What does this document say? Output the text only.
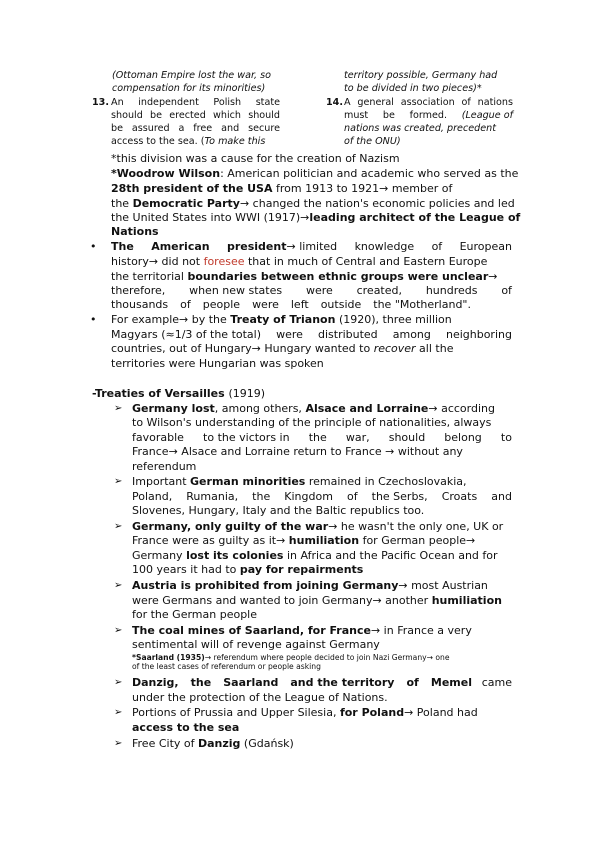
(Ottoman Empire lost the war, so
compensation for its minorities)
13. An independent Polish state
should be erected which should
be assured a free and secure
access to the sea. (To make this
territory possible, Germany had
to be divided in two pieces)*
14. A general association of nations
must be formed. (League of
nations was created, precedent
of the ONU)
*this division was a cause for the creation of Nazism
*Woodrow Wilson: American politician and academic who served as the
28th president of the USA from 1913 to 1921→ member of
the Democratic Party→ changed the nation's economic policies and led
the United States into WWI (1917)→leading architect of the League of
Nations
• The American president→ limited knowledge of European
history→ did not foresee that in much of Central and Eastern Europe
the territorial boundaries between ethnic groups were unclear→
therefore, when new states were created, hundreds of
thousands of people were left outside the "Motherland".
• For example→ by the Treaty of Trianon (1920), three million
Magyars (≈1/3 of the total) were distributed among neighboring
countries, out of Hungary→ Hungary wanted to recover all the
territories were Hungarian was spoken
-Treaties of Versailles (1919)
➢ Germany lost, among others, Alsace and Lorraine→ according
to Wilson's understanding of the principle of nationalities, always
favorable to the victors in the war, should belong to
France→ Alsace and Lorraine return to France → without any
referendum
➢ Important German minorities remained in Czechoslovakia,
Poland, Rumania, the Kingdom of the Serbs, Croats and
Slovenes, Hungary, Italy and the Baltic republics too.
➢ Germany, only guilty of the war→ he wasn't the only one, UK or
France were as guilty as it→ humiliation for German people→
Germany lost its colonies in Africa and the Pacific Ocean and for
100 years it had to pay for repairments
➢ Austria is prohibited from joining Germany→ most Austrian
were Germans and wanted to join Germany→ another humiliation
for the German people
➢ The coal mines of Saarland, for France→ in France a very
sentimental will of revenge against Germany
*Saarland (1935)→ referendum where people decided to join Nazi Germany→ one
of the least cases of referendum or people asking
➢ Danzig, the Saarland and the territory of Memel came
under the protection of the League of Nations.
➢ Portions of Prussia and Upper Silesia, for Poland→ Poland had
access to the sea
➢ Free City of Danzig (Gdańsk)
